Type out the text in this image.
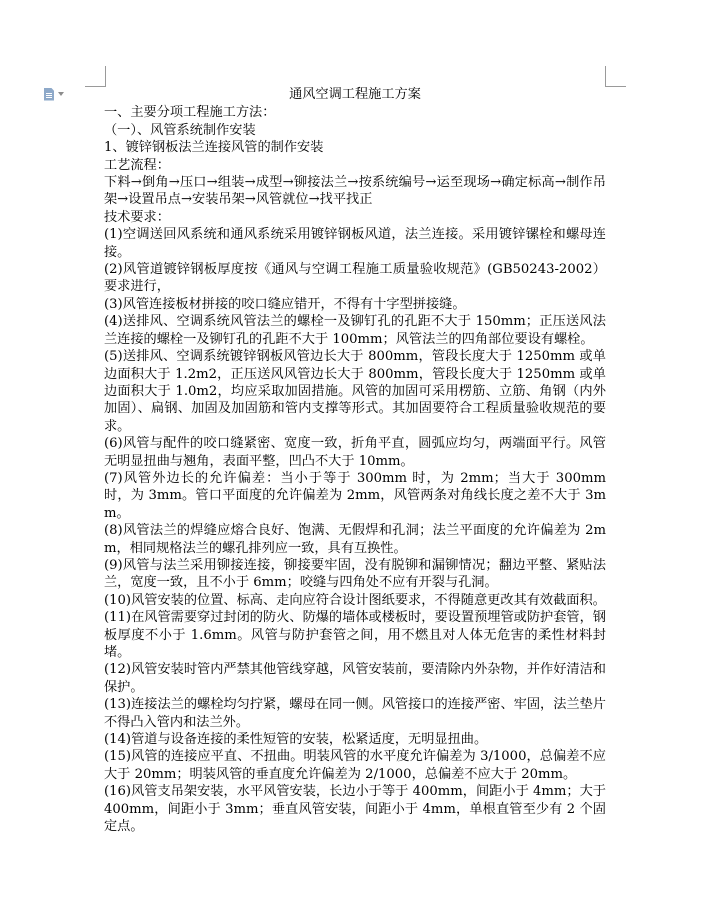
通风空调工程施工方案

一、主要分项工程施工方法：

（一）、风管系统制作安装

1、镀锌钢板法兰连接风管的制作安装

工艺流程：

下料→倒角→压口→组装→成型→铆接法兰→按系统编号→运至现场→确定标高→制作吊架→设置吊点→安装吊架→风管就位→找平找正

技术要求：

(1)空调送回风系统和通风系统采用镀锌钢板风道，法兰连接。采用镀锌镙栓和螺母连接。

(2)风管道镀锌钢板厚度按《通风与空调工程施工质量验收规范》(GB50243-2002）要求进行，

(3)风管连接板材拼接的咬口缝应错开，不得有十字型拼接缝。

(4)送排风、空调系统风管法兰的螺栓一及铆钉孔的孔距不大于 150mm；正压送风法兰连接的螺栓一及铆钉孔的孔距不大于 100mm；风管法兰的四角部位要设有螺栓。

(5)送排风、空调系统镀锌钢板风管边长大于 800mm，管段长度大于 1250mm 或单边面积大于 1.2m2，正压送风风管边长大于 800mm，管段长度大于 1250mm 或单边面积大于 1.0m2，均应采取加固措施。风管的加固可采用楞筋、立筋、角钢（内外加固）、扁钢、加固及加固筋和管内支撑等形式。其加固要符合工程质量验收规范的要求。

(6)风管与配件的咬口缝紧密、宽度一致，折角平直，圆弧应均匀，两端面平行。风管无明显扭曲与翘角，表面平整，凹凸不大于 10mm。

(7)风管外边长的允许偏差：当小于等于 300mm 时，为 2mm；当大于 300mm 时，为 3mm。管口平面度的允许偏差为 2mm，风管两条对角线长度之差不大于 3mm。

(8)风管法兰的焊缝应熔合良好、饱满、无假焊和孔洞；法兰平面度的允许偏差为 2mm，相同规格法兰的螺孔排列应一致，具有互换性。

(9)风管与法兰采用铆接连接，铆接要牢固，没有脱铆和漏铆情况；翻边平整、紧贴法兰，宽度一致，且不小于 6mm；咬缝与四角处不应有开裂与孔洞。

(10)风管安装的位置、标高、走向应符合设计图纸要求，不得随意更改其有效截面积。

(11)在风管需要穿过封闭的防火、防爆的墙体或楼板时，要设置预埋管或防护套管，钢板厚度不小于 1.6mm。风管与防护套管之间，用不燃且对人体无危害的柔性材料封堵。

(12)风管安装时管内严禁其他管线穿越，风管安装前，要清除内外杂物，并作好清洁和保护。

(13)连接法兰的螺栓均匀拧紧，螺母在同一侧。风管接口的连接严密、牢固，法兰垫片不得凸入管内和法兰外。

(14)管道与设备连接的柔性短管的安装，松紧适度，无明显扭曲。

(15)风管的连接应平直、不扭曲。明装风管的水平度允许偏差为 3/1000，总偏差不应大于 20mm；明装风管的垂直度允许偏差为 2/1000，总偏差不应大于 20mm。

(16)风管支吊架安装，水平风管安装，长边小于等于 400mm，间距小于 4mm；大于 400mm，间距小于 3mm；垂直风管安装，间距小于 4mm，单根直管至少有 2 个固定点。
